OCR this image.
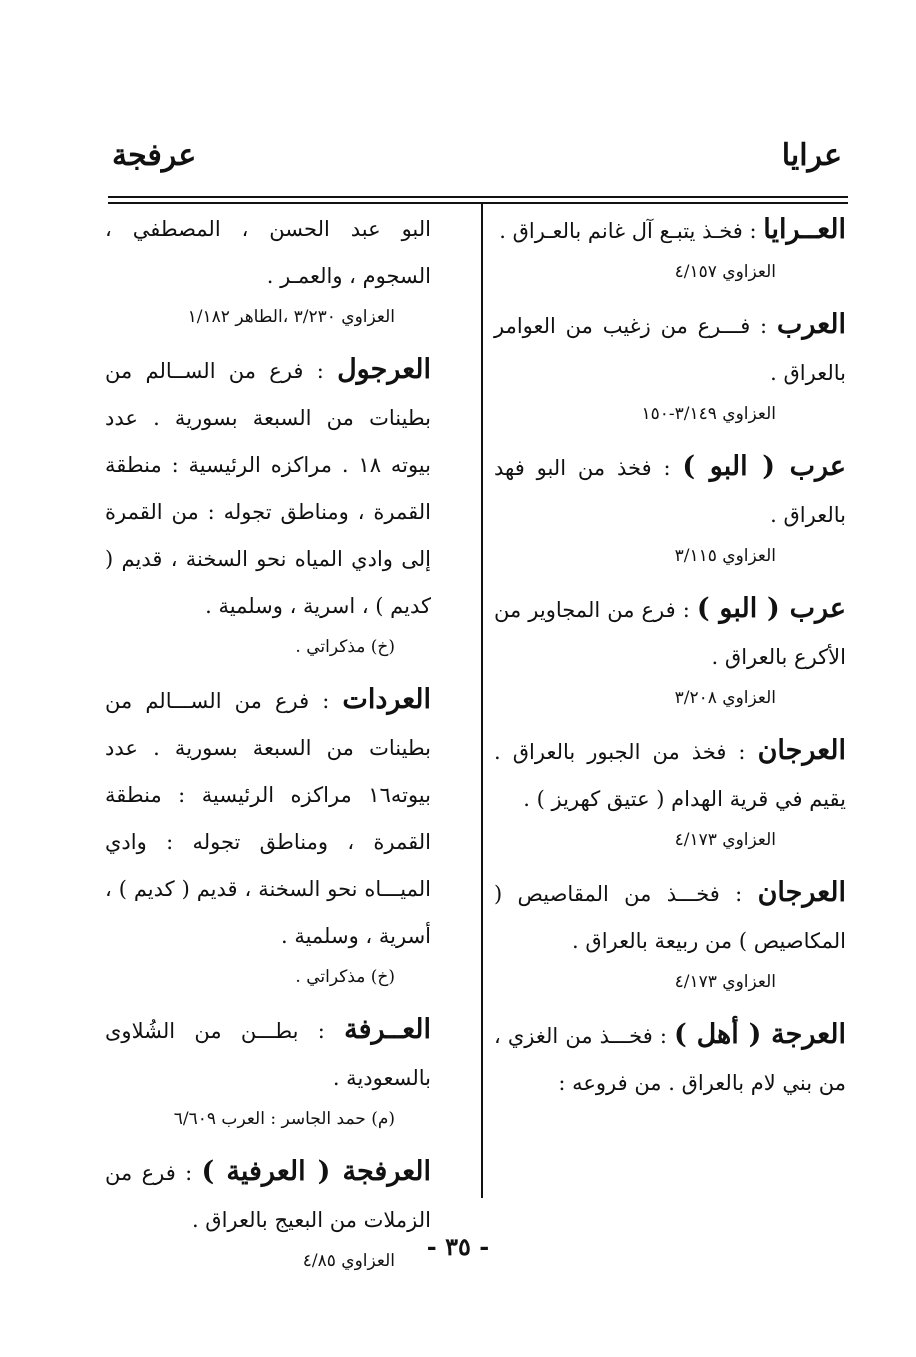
عرايا
عرفجة
العــرايا : فخـذ يتبـع آل غانم بالعـراق .
العزاوي ٤/١٥٧
العرب : فـــرع من زغيب من العوامر بالعراق .
العزاوي ٣/١٤٩-١٥٠
عرب ( البو ) : فخذ من البو فهد بالعراق .
العزاوي ٣/١١٥
عرب ( البو ) : فرع من المجاوير من الأكرع بالعراق .
العزاوي ٣/٢٠٨
العرجان : فخذ من الجبور بالعراق . يقيم في قرية الهدام ( عتيق كهريز ) .
العزاوي ٤/١٧٣
العرجان : فخـــذ من المقاصيص ( المكاصيص ) من ربيعة بالعراق .
العزاوي ٤/١٧٣
العرجة ( أهل ) : فخـــذ من الغزي ، من بني لام بالعراق . من فروعه :
البو عبد الحسن ، المصطفي ، السجوم ، والعمـر .
العزاوي ٣/٢٣٠ ،الطاهر ١/١٨٢
العرجول : فرع من الســالم من بطينات من السبعة بسورية . عدد بيوته ١٨ . مراكزه الرئيسية : منطقة القمرة ، ومناطق تجوله : من القمرة إلى وادي المياه نحو السخنة ، قديم ( كديم ) ، اسرية ، وسلمية .
(خ) مذكراتي .
العردات : فرع من الســـالم من بطينات من السبعة بسورية . عدد بيوته١٦ مراكزه الرئيسية : منطقة القمرة ، ومناطق تجوله : وادي الميـــاه نحو السخنة ، قديم ( كديم ) ، أسرية ، وسلمية .
(خ) مذكراتي .
العــرفة : بطـــن من الشُلاوى بالسعودية .
(م) حمد الجاسر : العرب ٦/٦٠٩
العرفجة ( العرفية ) : فرع من الزملات من البعيج بالعراق .
العزاوي ٤/٨٥	- ٣٥ -
